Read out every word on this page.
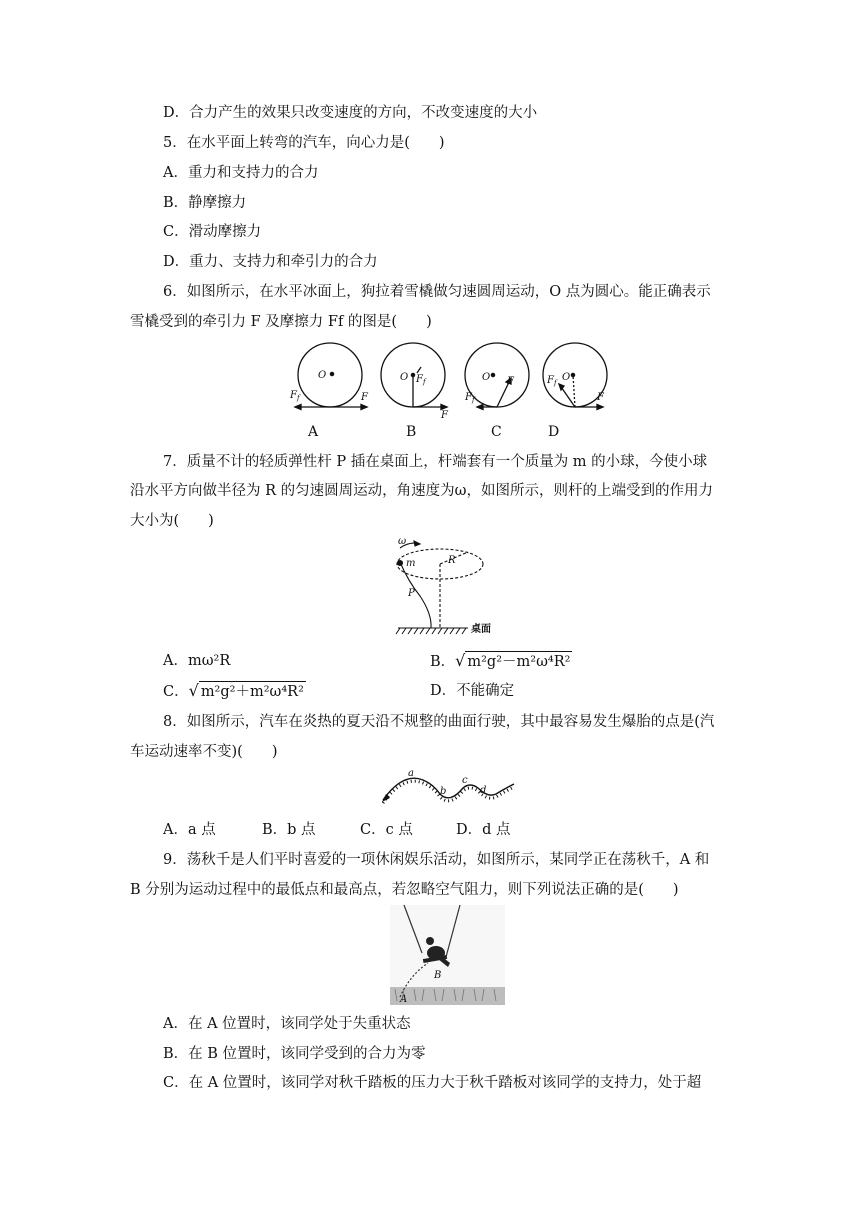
D．合力产生的效果只改变速度的方向，不改变速度的大小
5．在水平面上转弯的汽车，向心力是(　　)
A．重力和支持力的合力
B．静摩擦力
C．滑动摩擦力
D．重力、支持力和牵引力的合力
6．如图所示，在水平冰面上，狗拉着雪橇做匀速圆周运动，O 点为圆心。能正确表示
雪橇受到的牵引力 F 及摩擦力 Ff 的图是(　　)
O
$F_f$	F
O $F_f$
F
O F
$F_f$
O
$F_f$
F
A	B	C	D
7．质量不计的轻质弹性杆 P 插在桌面上，杆端套有一个质量为 m 的小球，今使小球
沿水平方向做半径为 R 的匀速圆周运动，角速度为ω，如图所示，则杆的上端受到的作用力
大小为(　　)
ω
m	R
P
桌面
A．mω²R	B．√ m²g²－m²ω⁴R²
C．√ m²g²＋m²ω⁴R²	D．不能确定
8．如图所示，汽车在炎热的夏天沿不规整的曲面行驶，其中最容易发生爆胎的点是(汽
车运动速率不变)(　　)
a
b
c
d
A．a 点	B．b 点	C．c 点	D．d 点
9．荡秋千是人们平时喜爱的一项休闲娱乐活动，如图所示，某同学正在荡秋千，A 和
B 分别为运动过程中的最低点和最高点，若忽略空气阻力，则下列说法正确的是(　　)
B
A
A．在 A 位置时，该同学处于失重状态
B．在 B 位置时，该同学受到的合力为零
C．在 A 位置时，该同学对秋千踏板的压力大于秋千踏板对该同学的支持力，处于超
